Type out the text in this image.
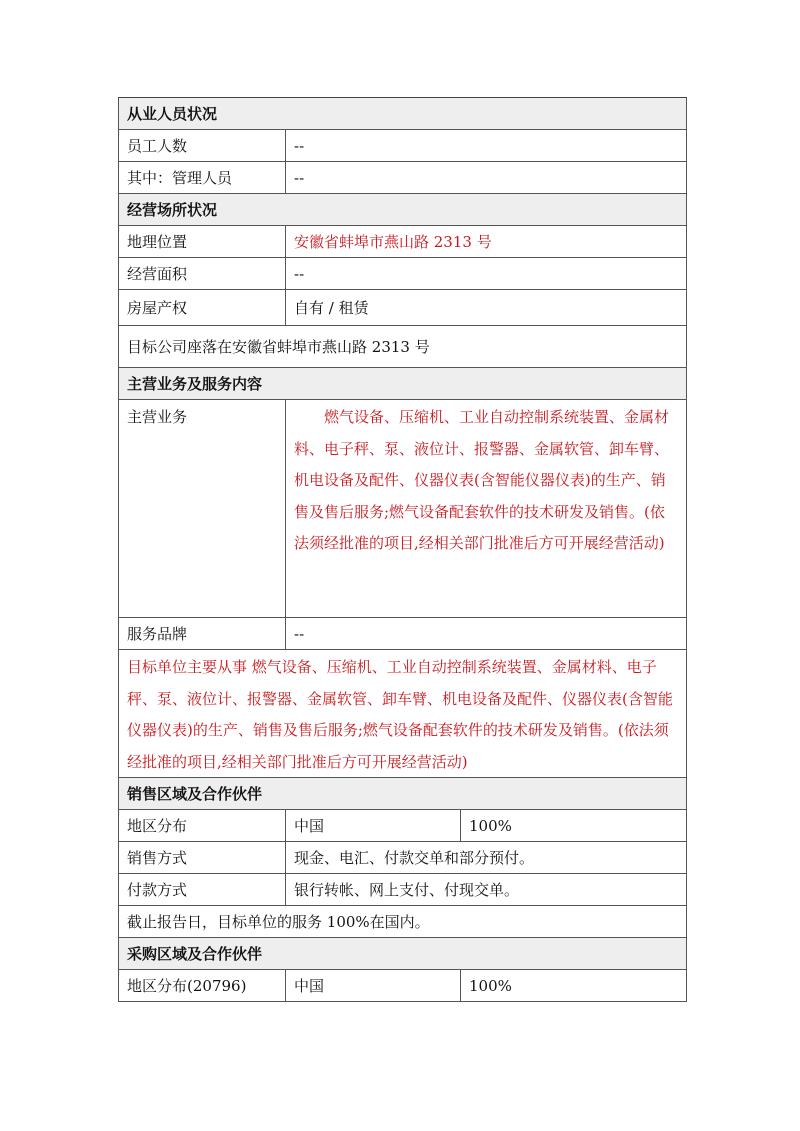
从业人员状况
员工人数	--
其中：管理人员	--
经营场所状况
地理位置	安徽省蚌埠市燕山路 2313 号
经营面积	--
房屋产权	自有 / 租赁
目标公司座落在安徽省蚌埠市燕山路 2313 号
主营业务及服务内容
主营业务	燃气设备、压缩机、工业自动控制系统装置、金属材料、电子秤、泵、液位计、报警器、金属软管、卸车臂、机电设备及配件、仪器仪表(含智能仪器仪表)的生产、销售及售后服务;燃气设备配套软件的技术研发及销售。(依法须经批准的项目,经相关部门批准后方可开展经营活动)
服务品牌	--
目标单位主要从事 燃气设备、压缩机、工业自动控制系统装置、金属材料、电子秤、泵、液位计、报警器、金属软管、卸车臂、机电设备及配件、仪器仪表(含智能仪器仪表)的生产、销售及售后服务;燃气设备配套软件的技术研发及销售。(依法须经批准的项目,经相关部门批准后方可开展经营活动)
销售区域及合作伙伴
地区分布	中国	100%
销售方式	现金、电汇、付款交单和部分预付。
付款方式	银行转帐、网上支付、付现交单。
截止报告日，目标单位的服务 100%在国内。
采购区域及合作伙伴
地区分布(20796)	中国	100%
